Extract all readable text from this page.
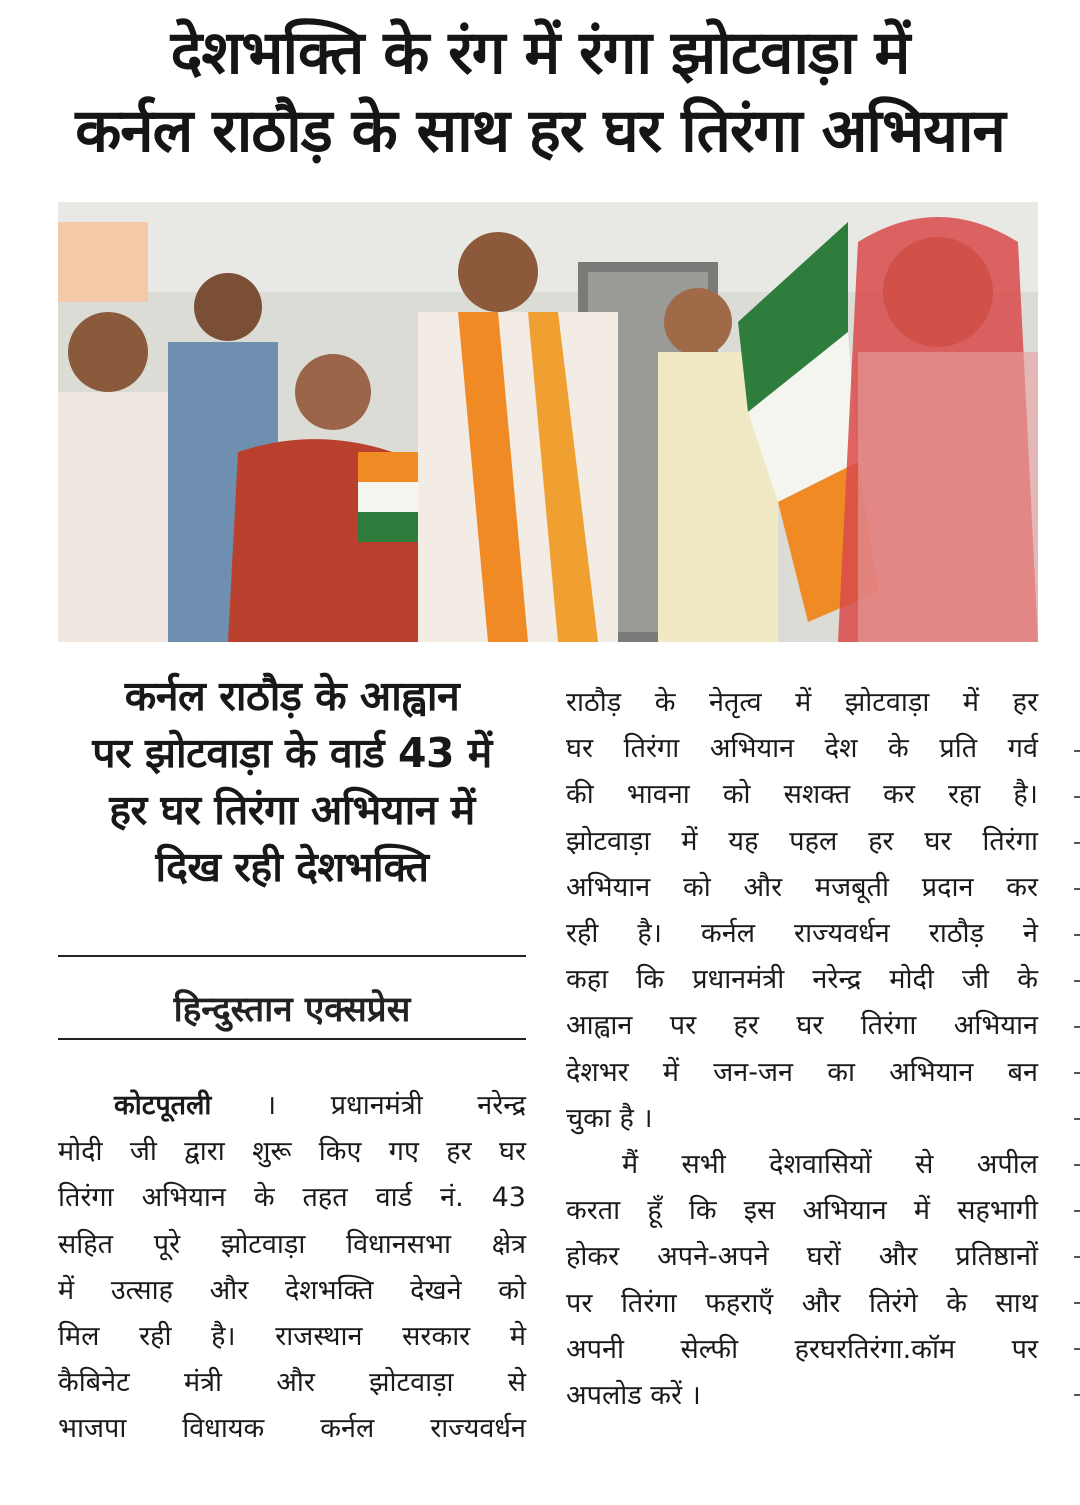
देशभक्ति के रंग में रंगा झोटवाड़ा में
कर्नल राठौड़ के साथ हर घर तिरंगा अभियान
कर्नल राठौड़ के आह्वान
पर झोटवाड़ा के वार्ड 43 में
हर घर तिरंगा अभियान में
दिख रही देशभक्ति
हिन्दुस्तान एक्सप्रेस
कोटपूतली । प्रधानमंत्री नरेन्द्र
मोदी जी द्वारा शुरू किए गए हर घर
तिरंगा अभियान के तहत वार्ड नं. 43
सहित पूरे झोटवाड़ा विधानसभा क्षेत्र
में उत्साह और देशभक्ति देखने को
मिल रही है। राजस्थान सरकार मे
कैबिनेट मंत्री और झोटवाड़ा से
भाजपा विधायक कर्नल राज्यवर्धन
राठौड़ के नेतृत्व में झोटवाड़ा में हर
घर तिरंगा अभियान देश के प्रति गर्व
की भावना को सशक्त कर रहा है।
झोटवाड़ा में यह पहल हर घर तिरंगा
अभियान को और मजबूती प्रदान कर
रही है। कर्नल राज्यवर्धन राठौड़ ने
कहा कि प्रधानमंत्री नरेन्द्र मोदी जी के
आह्वान पर हर घर तिरंगा अभियान
देशभर में जन-जन का अभियान बन
चुका है ।
मैं सभी देशवासियों से अपील
करता हूँ कि इस अभियान में सहभागी
होकर अपने-अपने घरों और प्रतिष्ठानों
पर तिरंगा फहराएँ और तिरंगे के साथ
अपनी सेल्फी हरघरतिरंगा.कॉम पर
अपलोड करें ।
